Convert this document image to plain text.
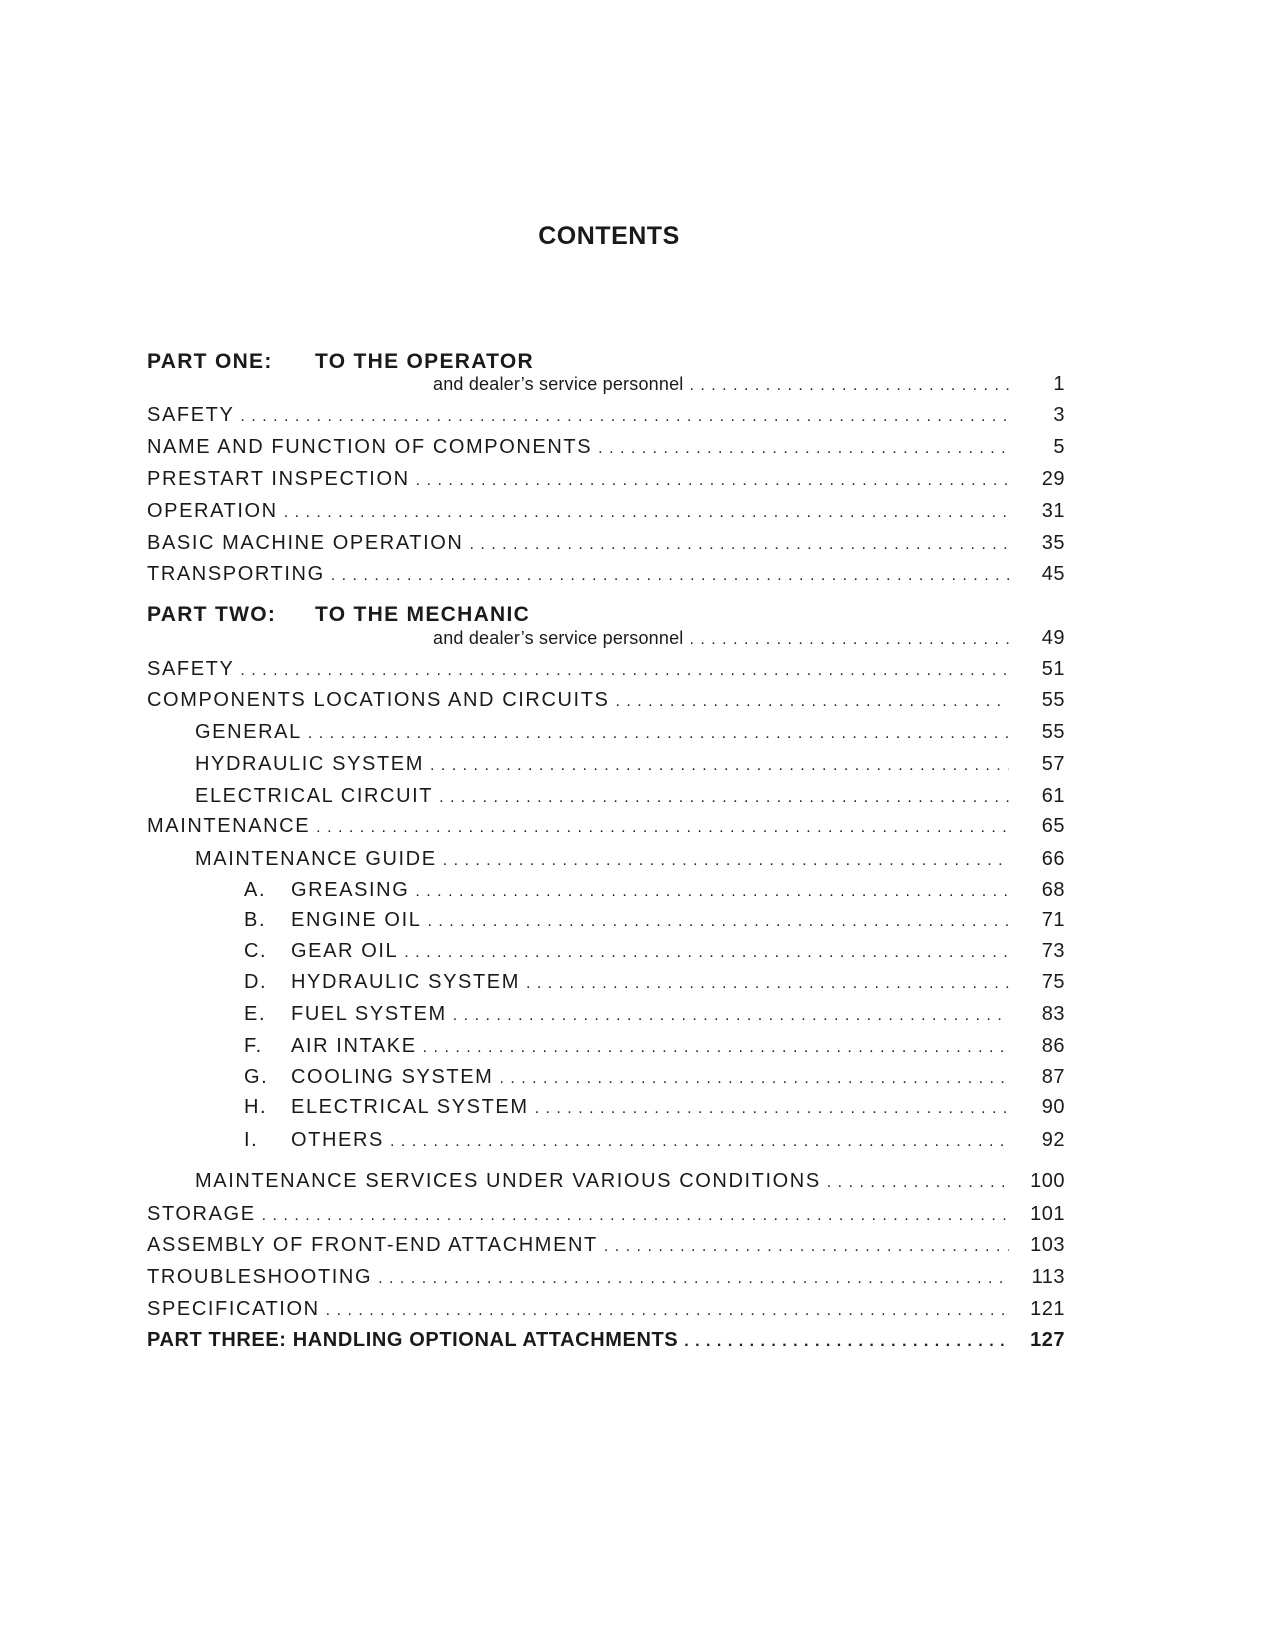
CONTENTS
PART ONE: TO THE OPERATOR
and dealer’s service personnel . . .	1
SAFETY . . .	3
NAME AND FUNCTION OF COMPONENTS . . .	5
PRESTART INSPECTION . . .	29
OPERATION . . .	31
BASIC MACHINE OPERATION . . .	35
TRANSPORTING . . .	45
PART TWO: TO THE MECHANIC
and dealer’s service personnel . . .	49
SAFETY . . .	51
COMPONENTS LOCATIONS AND CIRCUITS . . .	55
GENERAL . . .	55
HYDRAULIC SYSTEM . . .	57
ELECTRICAL CIRCUIT . . .	61
MAINTENANCE . . .	65
MAINTENANCE GUIDE . . .	66
A. GREASING . . .	68
B. ENGINE OIL . . .	71
C. GEAR OIL . . .	73
D. HYDRAULIC SYSTEM . . .	75
E. FUEL SYSTEM . . .	83
F. AIR INTAKE . . .	86
G. COOLING SYSTEM . . .	87
H. ELECTRICAL SYSTEM . . .	90
I. OTHERS . . .	92
MAINTENANCE SERVICES UNDER VARIOUS CONDITIONS . . .	100
STORAGE . . .	101
ASSEMBLY OF FRONT-END ATTACHMENT . . .	103
TROUBLESHOOTING . . .	113
SPECIFICATION . . .	121
PART THREE: HANDLING OPTIONAL ATTACHMENTS . . .	127
